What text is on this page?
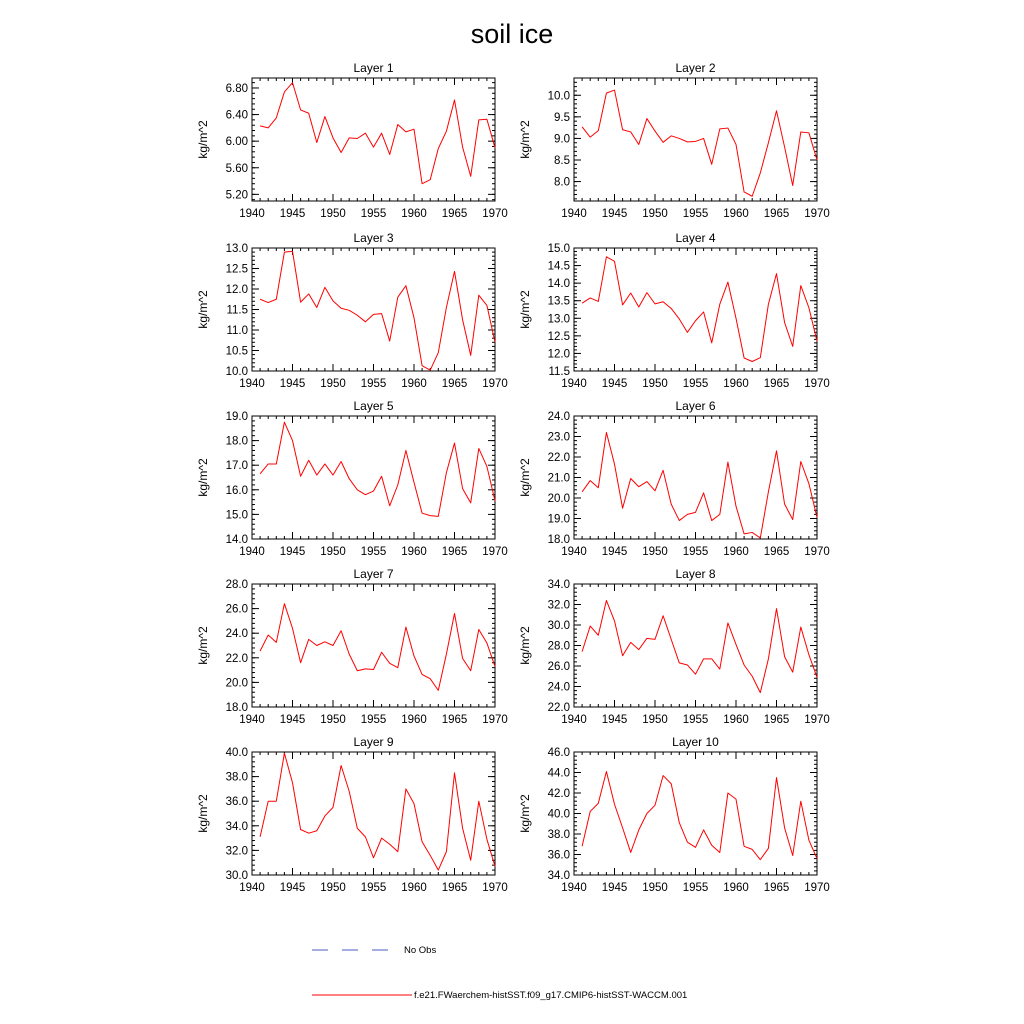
soil ice
Layer 1
1940 1945 1950 1955 1960 1965 1970
5.20
5.60
6.00
6.40
6.80
kg/m^2
Layer 2
1940 1945 1950 1955 1960 1965 1970
8.0
8.5
9.0
9.5
10.0
kg/m^2
Layer 3
1940 1945 1950 1955 1960 1965 1970
10.0
10.5
11.0
11.5
12.0
12.5
13.0
kg/m^2
Layer 4
1940 1945 1950 1955 1960 1965 1970
11.5
12.0
12.5
13.0
13.5
14.0
14.5
15.0
kg/m^2
Layer 5
1940 1945 1950 1955 1960 1965 1970
14.0
15.0
16.0
17.0
18.0
19.0
kg/m^2
Layer 6
1940 1945 1950 1955 1960 1965 1970
18.0
19.0
20.0
21.0
22.0
23.0
24.0
kg/m^2
Layer 7
1940 1945 1950 1955 1960 1965 1970
18.0
20.0
22.0
24.0
26.0
28.0
kg/m^2
Layer 8
1940 1945 1950 1955 1960 1965 1970
22.0
24.0
26.0
28.0
30.0
32.0
34.0
kg/m^2
Layer 9
1940 1945 1950 1955 1960 1965 1970
30.0
32.0
34.0
36.0
38.0
40.0
kg/m^2
Layer 10
1940 1945 1950 1955 1960 1965 1970
34.0
36.0
38.0
40.0
42.0
44.0
46.0
kg/m^2
No Obs
f.e21.FWaerchem-histSST.f09_g17.CMIP6-histSST-WACCM.001
